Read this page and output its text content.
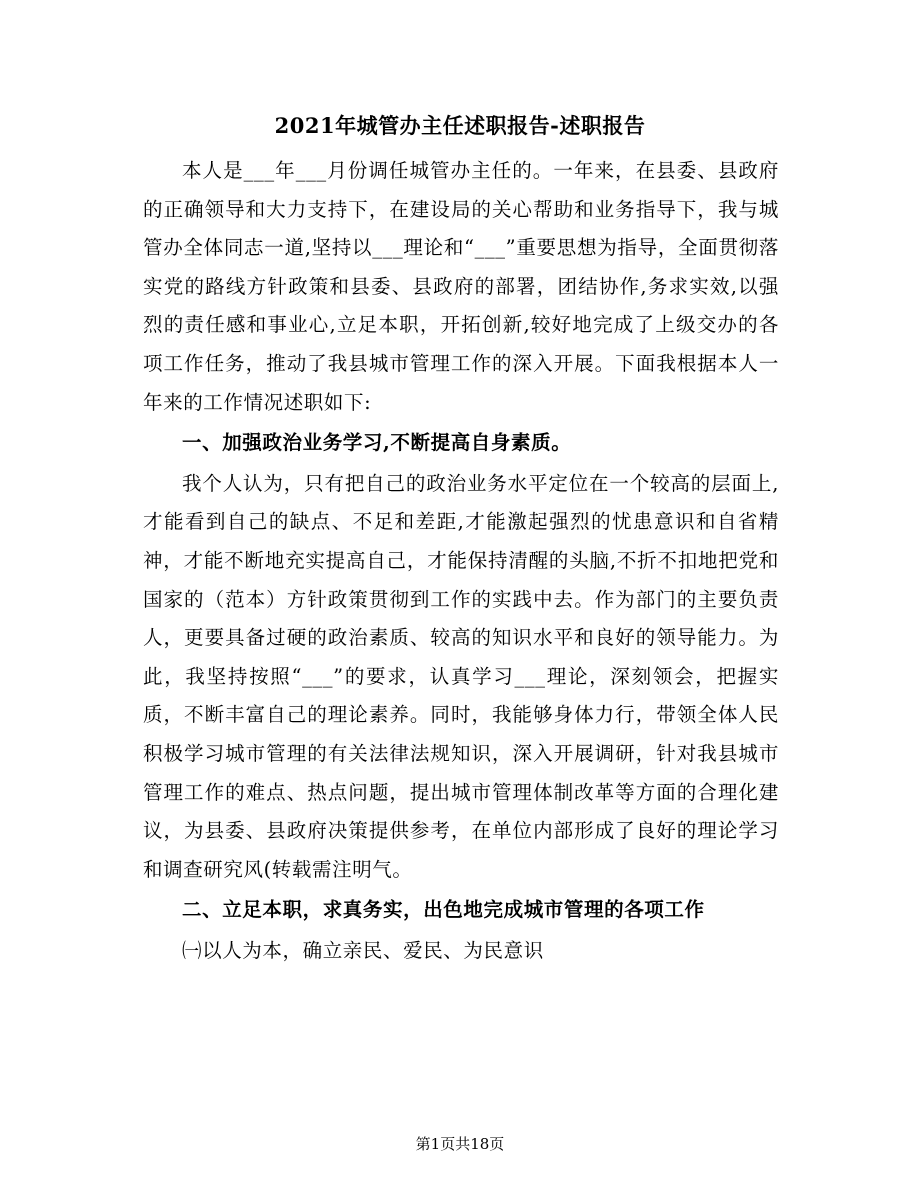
2021年城管办主任述职报告-述职报告

本人是___年___月份调任城管办主任的。一年来，在县委、县政府的正确领导和大力支持下，在建设局的关心帮助和业务指导下，我与城管办全体同志一道,坚持以___理论和“___”重要思想为指导，全面贯彻落实党的路线方针政策和县委、县政府的部署，团结协作,务求实效,以强烈的责任感和事业心,立足本职，开拓创新,较好地完成了上级交办的各项工作任务，推动了我县城市管理工作的深入开展。下面我根据本人一年来的工作情况述职如下:

一、加强政治业务学习,不断提高自身素质。

我个人认为，只有把自己的政治业务水平定位在一个较高的层面上,才能看到自己的缺点、不足和差距,才能激起强烈的忧患意识和自省精神，才能不断地充实提高自己，才能保持清醒的头脑,不折不扣地把党和国家的（范本）方针政策贯彻到工作的实践中去。作为部门的主要负责人，更要具备过硬的政治素质、较高的知识水平和良好的领导能力。为此，我坚持按照“___”的要求，认真学习___理论，深刻领会，把握实质，不断丰富自己的理论素养。同时，我能够身体力行，带领全体人民积极学习城市管理的有关法律法规知识，深入开展调研，针对我县城市管理工作的难点、热点问题，提出城市管理体制改革等方面的合理化建议，为县委、县政府决策提供参考，在单位内部形成了良好的理论学习和调查研究风(转载需注明气。

二、立足本职，求真务实，出色地完成城市管理的各项工作

㈠以人为本，确立亲民、爱民、为民意识

第1页共18页
